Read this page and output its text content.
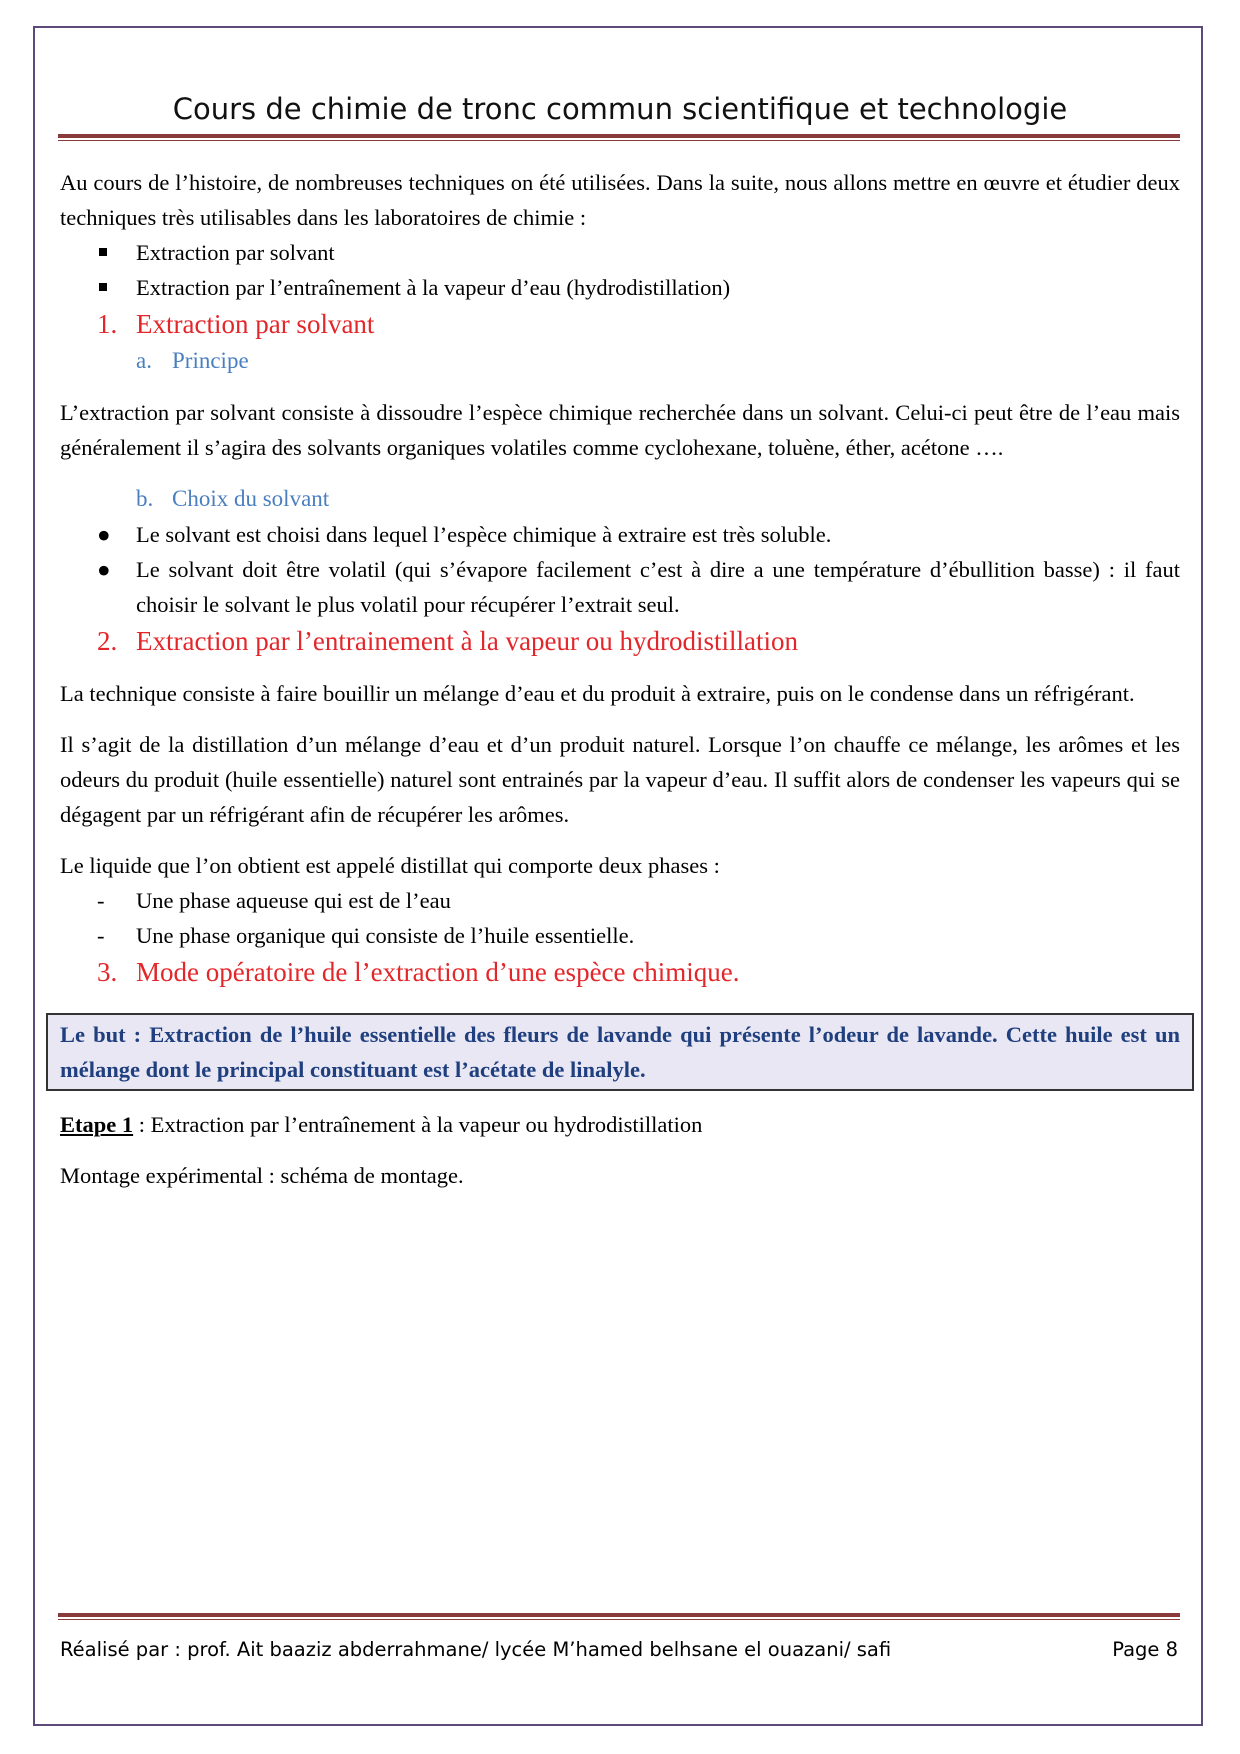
Cours de chimie de tronc commun scientifique et technologie

Au cours de l’histoire, de nombreuses techniques on été utilisées. Dans la suite, nous allons mettre en œuvre et étudier deux techniques très utilisables dans les laboratoires de chimie :

Extraction par solvant
Extraction par l’entraînement à la vapeur d’eau (hydrodistillation)
1. Extraction par solvant
a. Principe

L’extraction par solvant consiste à dissoudre l’espèce chimique recherchée dans un solvant. Celui-ci peut être de l’eau mais généralement il s’agira des solvants organiques volatiles comme cyclohexane, toluène, éther, acétone ….

b. Choix du solvant
● Le solvant est choisi dans lequel l’espèce chimique à extraire est très soluble.
● Le solvant doit être volatil (qui s’évapore facilement c’est à dire a une température d’ébullition basse) : il faut choisir le solvant le plus volatil pour récupérer l’extrait seul.
2. Extraction par l’entrainement à la vapeur ou hydrodistillation

La technique consiste à faire bouillir un mélange d’eau et du produit à extraire, puis on le condense dans un réfrigérant.

Il s’agit de la distillation d’un mélange d’eau et d’un produit naturel. Lorsque l’on chauffe ce mélange, les arômes et les odeurs du produit (huile essentielle) naturel sont entrainés par la vapeur d’eau. Il suffit alors de condenser les vapeurs qui se dégagent par un réfrigérant afin de récupérer les arômes.

Le liquide que l’on obtient est appelé distillat qui comporte deux phases :

- Une phase aqueuse qui est de l’eau
- Une phase organique qui consiste de l’huile essentielle.
3. Mode opératoire de l’extraction d’une espèce chimique.
Le but : Extraction de l’huile essentielle des fleurs de lavande qui présente l’odeur de lavande. Cette huile est un mélange dont le principal constituant est l’acétate de linalyle.

Etape 1 : Extraction par l’entraînement à la vapeur ou hydrodistillation

Montage expérimental : schéma de montage.

Réalisé par : prof. Ait baaziz abderrahmane/ lycée M’hamed belhsane el ouazani/ safi	Page 8
